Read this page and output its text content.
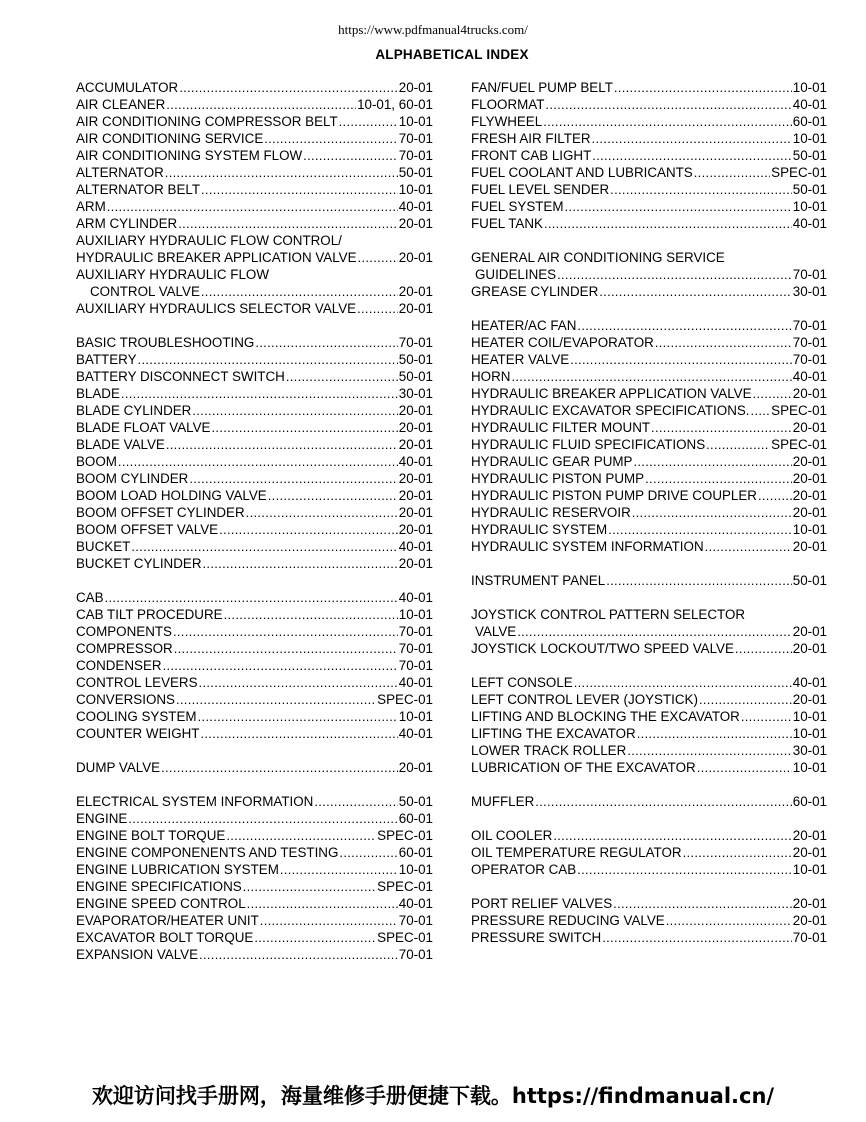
https://www.pdfmanual4trucks.com/
ALPHABETICAL INDEX
ACCUMULATOR .....	20-01
AIR CLEANER .....	10-01, 60-01
AIR CONDITIONING COMPRESSOR BELT .....	10-01
AIR CONDITIONING SERVICE .....	70-01
AIR CONDITIONING SYSTEM FLOW .....	70-01
ALTERNATOR .....	50-01
ALTERNATOR BELT .....	10-01
ARM .....	40-01
ARM CYLINDER .....	20-01
AUXILIARY HYDRAULIC FLOW CONTROL/
HYDRAULIC BREAKER APPLICATION VALVE .....	20-01
AUXILIARY HYDRAULIC FLOW
CONTROL VALVE .....	20-01
AUXILIARY HYDRAULICS SELECTOR VALVE .....	20-01
BASIC TROUBLESHOOTING .....	70-01
BATTERY .....	50-01
BATTERY DISCONNECT SWITCH .....	50-01
BLADE .....	30-01
BLADE CYLINDER .....	20-01
BLADE FLOAT VALVE .....	20-01
BLADE VALVE .....	20-01
BOOM .....	40-01
BOOM CYLINDER .....	20-01
BOOM LOAD HOLDING VALVE .....	20-01
BOOM OFFSET CYLINDER .....	20-01
BOOM OFFSET VALVE .....	20-01
BUCKET .....	40-01
BUCKET CYLINDER .....	20-01
CAB .....	40-01
CAB TILT PROCEDURE .....	10-01
COMPONENTS .....	70-01
COMPRESSOR .....	70-01
CONDENSER .....	70-01
CONTROL LEVERS .....	40-01
CONVERSIONS .....	SPEC-01
COOLING SYSTEM .....	10-01
COUNTER WEIGHT .....	40-01
DUMP VALVE .....	20-01
ELECTRICAL SYSTEM INFORMATION .....	50-01
ENGINE .....	60-01
ENGINE BOLT TORQUE .....	SPEC-01
ENGINE COMPONENENTS AND TESTING .....	60-01
ENGINE LUBRICATION SYSTEM .....	10-01
ENGINE SPECIFICATIONS .....	SPEC-01
ENGINE SPEED CONTROL .....	40-01
EVAPORATOR/HEATER UNIT .....	70-01
EXCAVATOR BOLT TORQUE .....	SPEC-01
EXPANSION VALVE .....	70-01
FAN/FUEL PUMP BELT .....	10-01
FLOORMAT .....	40-01
FLYWHEEL .....	60-01
FRESH AIR FILTER .....	10-01
FRONT CAB LIGHT .....	50-01
FUEL COOLANT AND LUBRICANTS .....	SPEC-01
FUEL LEVEL SENDER .....	50-01
FUEL SYSTEM .....	10-01
FUEL TANK .....	40-01
GENERAL AIR CONDITIONING SERVICE
GUIDELINES .....	70-01
GREASE CYLINDER .....	30-01
HEATER/AC FAN .....	70-01
HEATER COIL/EVAPORATOR .....	70-01
HEATER VALVE .....	70-01
HORN .....	40-01
HYDRAULIC BREAKER APPLICATION VALVE .....	20-01
HYDRAULIC EXCAVATOR SPECIFICATIONS. ..... SPEC-01
HYDRAULIC FILTER MOUNT .....	20-01
HYDRAULIC FLUID SPECIFICATIONS .....	SPEC-01
HYDRAULIC GEAR PUMP .....	20-01
HYDRAULIC PISTON PUMP .....	20-01
HYDRAULIC PISTON PUMP DRIVE COUPLER .....	20-01
HYDRAULIC RESERVOIR .....	20-01
HYDRAULIC SYSTEM .....	10-01
HYDRAULIC SYSTEM INFORMATION .....	20-01
INSTRUMENT PANEL .....	50-01
JOYSTICK CONTROL PATTERN SELECTOR
VALVE .....	20-01
JOYSTICK LOCKOUT/TWO SPEED VALVE .....	20-01
LEFT CONSOLE .....	40-01
LEFT CONTROL LEVER (JOYSTICK) .....	20-01
LIFTING AND BLOCKING THE EXCAVATOR .....	10-01
LIFTING THE EXCAVATOR .....	10-01
LOWER TRACK ROLLER .....	30-01
LUBRICATION OF THE EXCAVATOR .....	10-01
MUFFLER .....	60-01
OIL COOLER .....	20-01
OIL TEMPERATURE REGULATOR .....	20-01
OPERATOR CAB .....	10-01
PORT RELIEF VALVES .....	20-01
PRESSURE REDUCING VALVE .....	20-01
PRESSURE SWITCH .....	70-01
欢迎访问找手册网，海量维修手册便捷下载。https://findmanual.cn/
